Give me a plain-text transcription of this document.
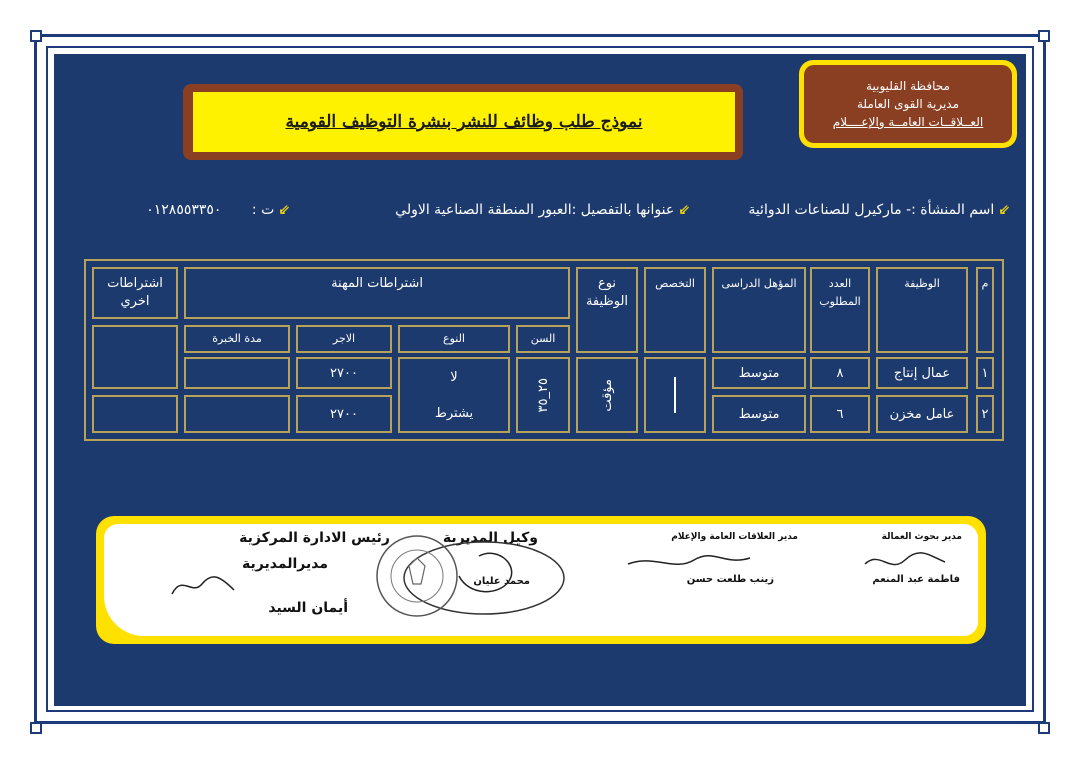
محافظة القليوبية
مديرية القوى العاملة
العــلاقــات العامــة والإعــــلام
نموذج طلب وظائف للنشر بنشرة التوظيف القومية
⇙اسم المنشأة :- ماركيرل للصناعات الدوائية
⇙عنوانها بالتفصيل :العبور المنطقة الصناعية الاولي
⇙ت : ٠١٢٨٥٥٣٣٥٠
م
الوظيفة
العدد المطلوب
المؤهل الدراسى
التخصص
نوع الوظيفة
اشتراطات المهنة
اشتراطات اخري
السن
النوع
الاجر
مدة الخبرة
١
عمال إنتاج
٨
متوسط
٢٧٠٠
٢
عامل مخزن
٦
متوسط
٢٧٠٠
مؤقت
٢٥_٣٥
لا
يشترط
مدير بحوث العمالة
فاطمة عبد المنعم
مدير العلاقات العامة والإعلام
زينب طلعت حسن
وكيل المديرية
محمد عليان
رئيس الادارة المركزية
مديرالمديرية
أيمان السيد
